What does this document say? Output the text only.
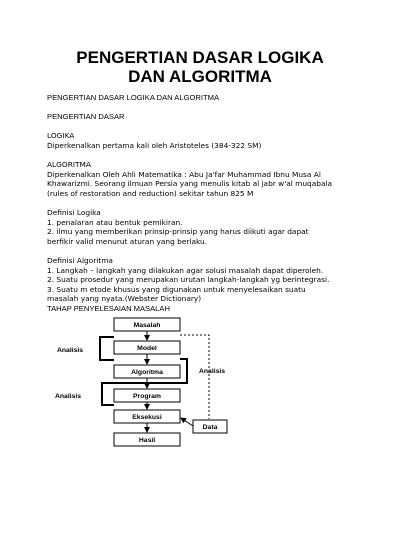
PENGERTIAN DASAR LOGIKA
DAN ALGORITMA

PENGERTIAN DASAR LOGIKA DAN ALGORITMA

PENGERTIAN DASAR

LOGIKA

Diperkenalkan pertama kali oleh Aristoteles (384-322 SM)

ALGORITMA

Diperkenalkan Oleh Ahli Matematika : Abu Ja'far Muhammad Ibnu Musa Al

Khawarizmi. Seorang ilmuan Persia yang menulis kitab al jabr w'al muqabala

(rules of restoration and reduction) sekitar tahun 825 M

Definisi Logika

1. penalaran atau bentuk pemikiran.

2. ilmu yang memberikan prinsip-prinsip yang harus diikuti agar dapat

berfikir valid menurut aturan yang berlaku.

Definisi Algoritma

1. Langkah – langkah yang dilakukan agar solusi masalah dapat diperoleh.

2. Suatu prosedur yang merupakan urutan langkah-langkah yg berintegrasi.

3. Suatu m etode khusus yang digunakan untuk menyelesaikan suatu

masalah yang nyata.(Webster Dictionary)

TAHAP PENYELESAIAN MASALAH

Masalah
Model
Algoritma
Program
Eksekusi
Hasil
Data
Analisis
Analisis
Analisis
